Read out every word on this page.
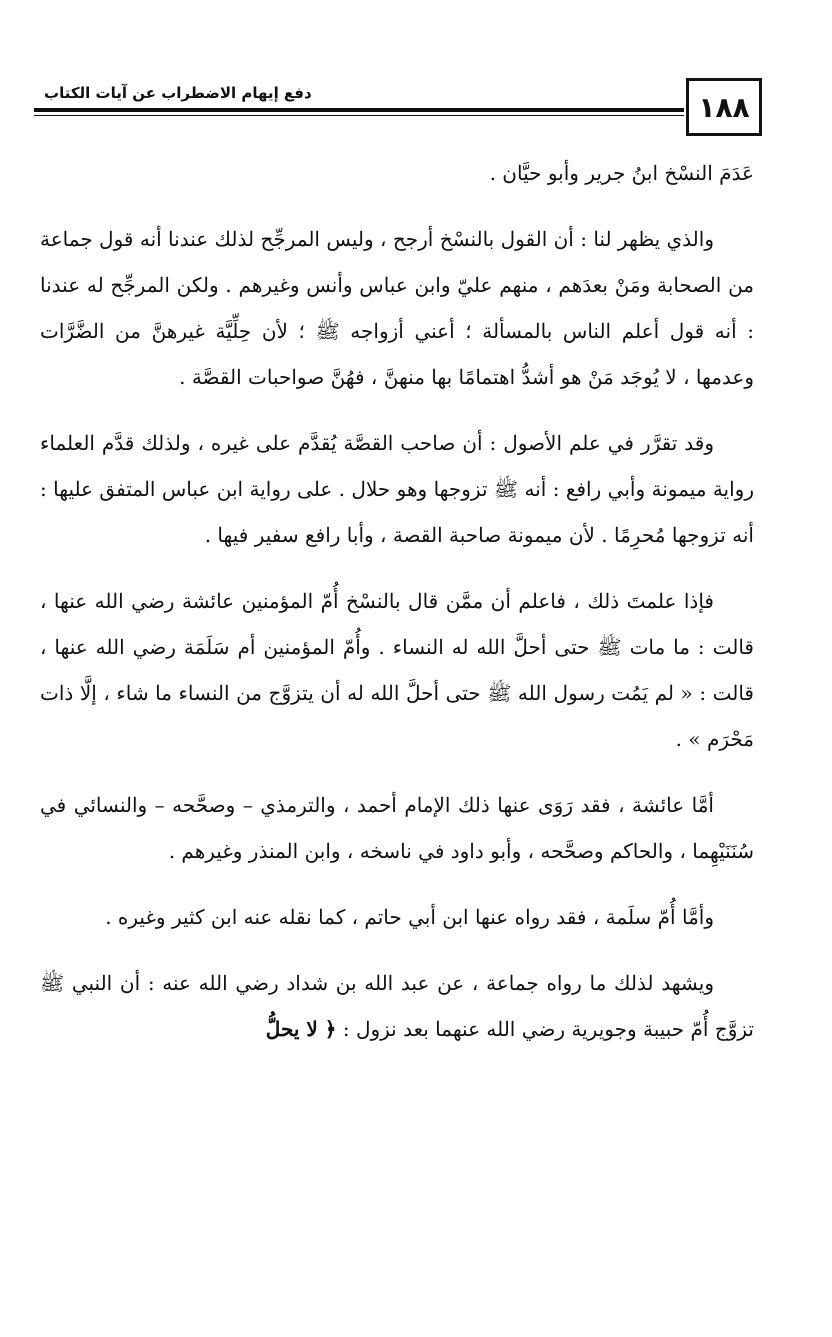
١٨٨
دفع إيهام الاضطراب عن آيات الكتاب

عَدَمَ النسْخ ابنُ جرير وأبو حيَّان .

والذي يظهر لنا : أن القول بالنسْخ أرجح ، وليس المرجِّح لذلك عندنا أنه قول جماعة من الصحابة ومَنْ بعدَهم ، منهم عليّ وابن عباس وأنس وغيرهم . ولكن المرجِّح له عندنا : أنه قول أعلم الناس بالمسألة ؛ أعني أزواجه ﷺ ؛ لأن حِلِّيَّة غيرهنَّ من الضَّرَّات وعدمها ، لا يُوجَد مَنْ هو أشدُّ اهتمامًا بها منهنَّ ، فهُنَّ صواحبات القصَّة .

وقد تقرَّر في علم الأصول : أن صاحب القصَّة يُقدَّم على غيره ، ولذلك قدَّم العلماء رواية ميمونة وأبي رافع : أنه ﷺ تزوجها وهو حلال . على رواية ابن عباس المتفق عليها : أنه تزوجها مُحرِمًا . لأن ميمونة صاحبة القصة ، وأبا رافع سفير فيها .

فإذا علمتَ ذلك ، فاعلم أن ممَّن قال بالنسْخ أُمّ المؤمنين عائشة رضي الله عنها ، قالت : ما مات ﷺ حتى أحلَّ الله له النساء . وأُمّ المؤمنين أم سَلَمَة رضي الله عنها ، قالت : « لم يَمُت رسول الله ﷺ حتى أحلَّ الله له أن يتزوَّج من النساء ما شاء ، إلَّا ذات مَحْرَم » .

أمَّا عائشة ، فقد رَوَى عنها ذلك الإمام أحمد ، والترمذي – وصحَّحه – والنسائي في سُنَنَيْهِما ، والحاكم وصحَّحه ، وأبو داود في ناسخه ، وابن المنذر وغيرهم .

وأمَّا أُمّ سلَمة ، فقد رواه عنها ابن أبي حاتم ، كما نقله عنه ابن كثير وغيره .

ويشهد لذلك ما رواه جماعة ، عن عبد الله بن شداد رضي الله عنه : أن النبي ﷺ تزوَّج أُمّ حبيبة وجويرية رضي الله عنهما بعد نزول : ﴿ لا يحلُّ
